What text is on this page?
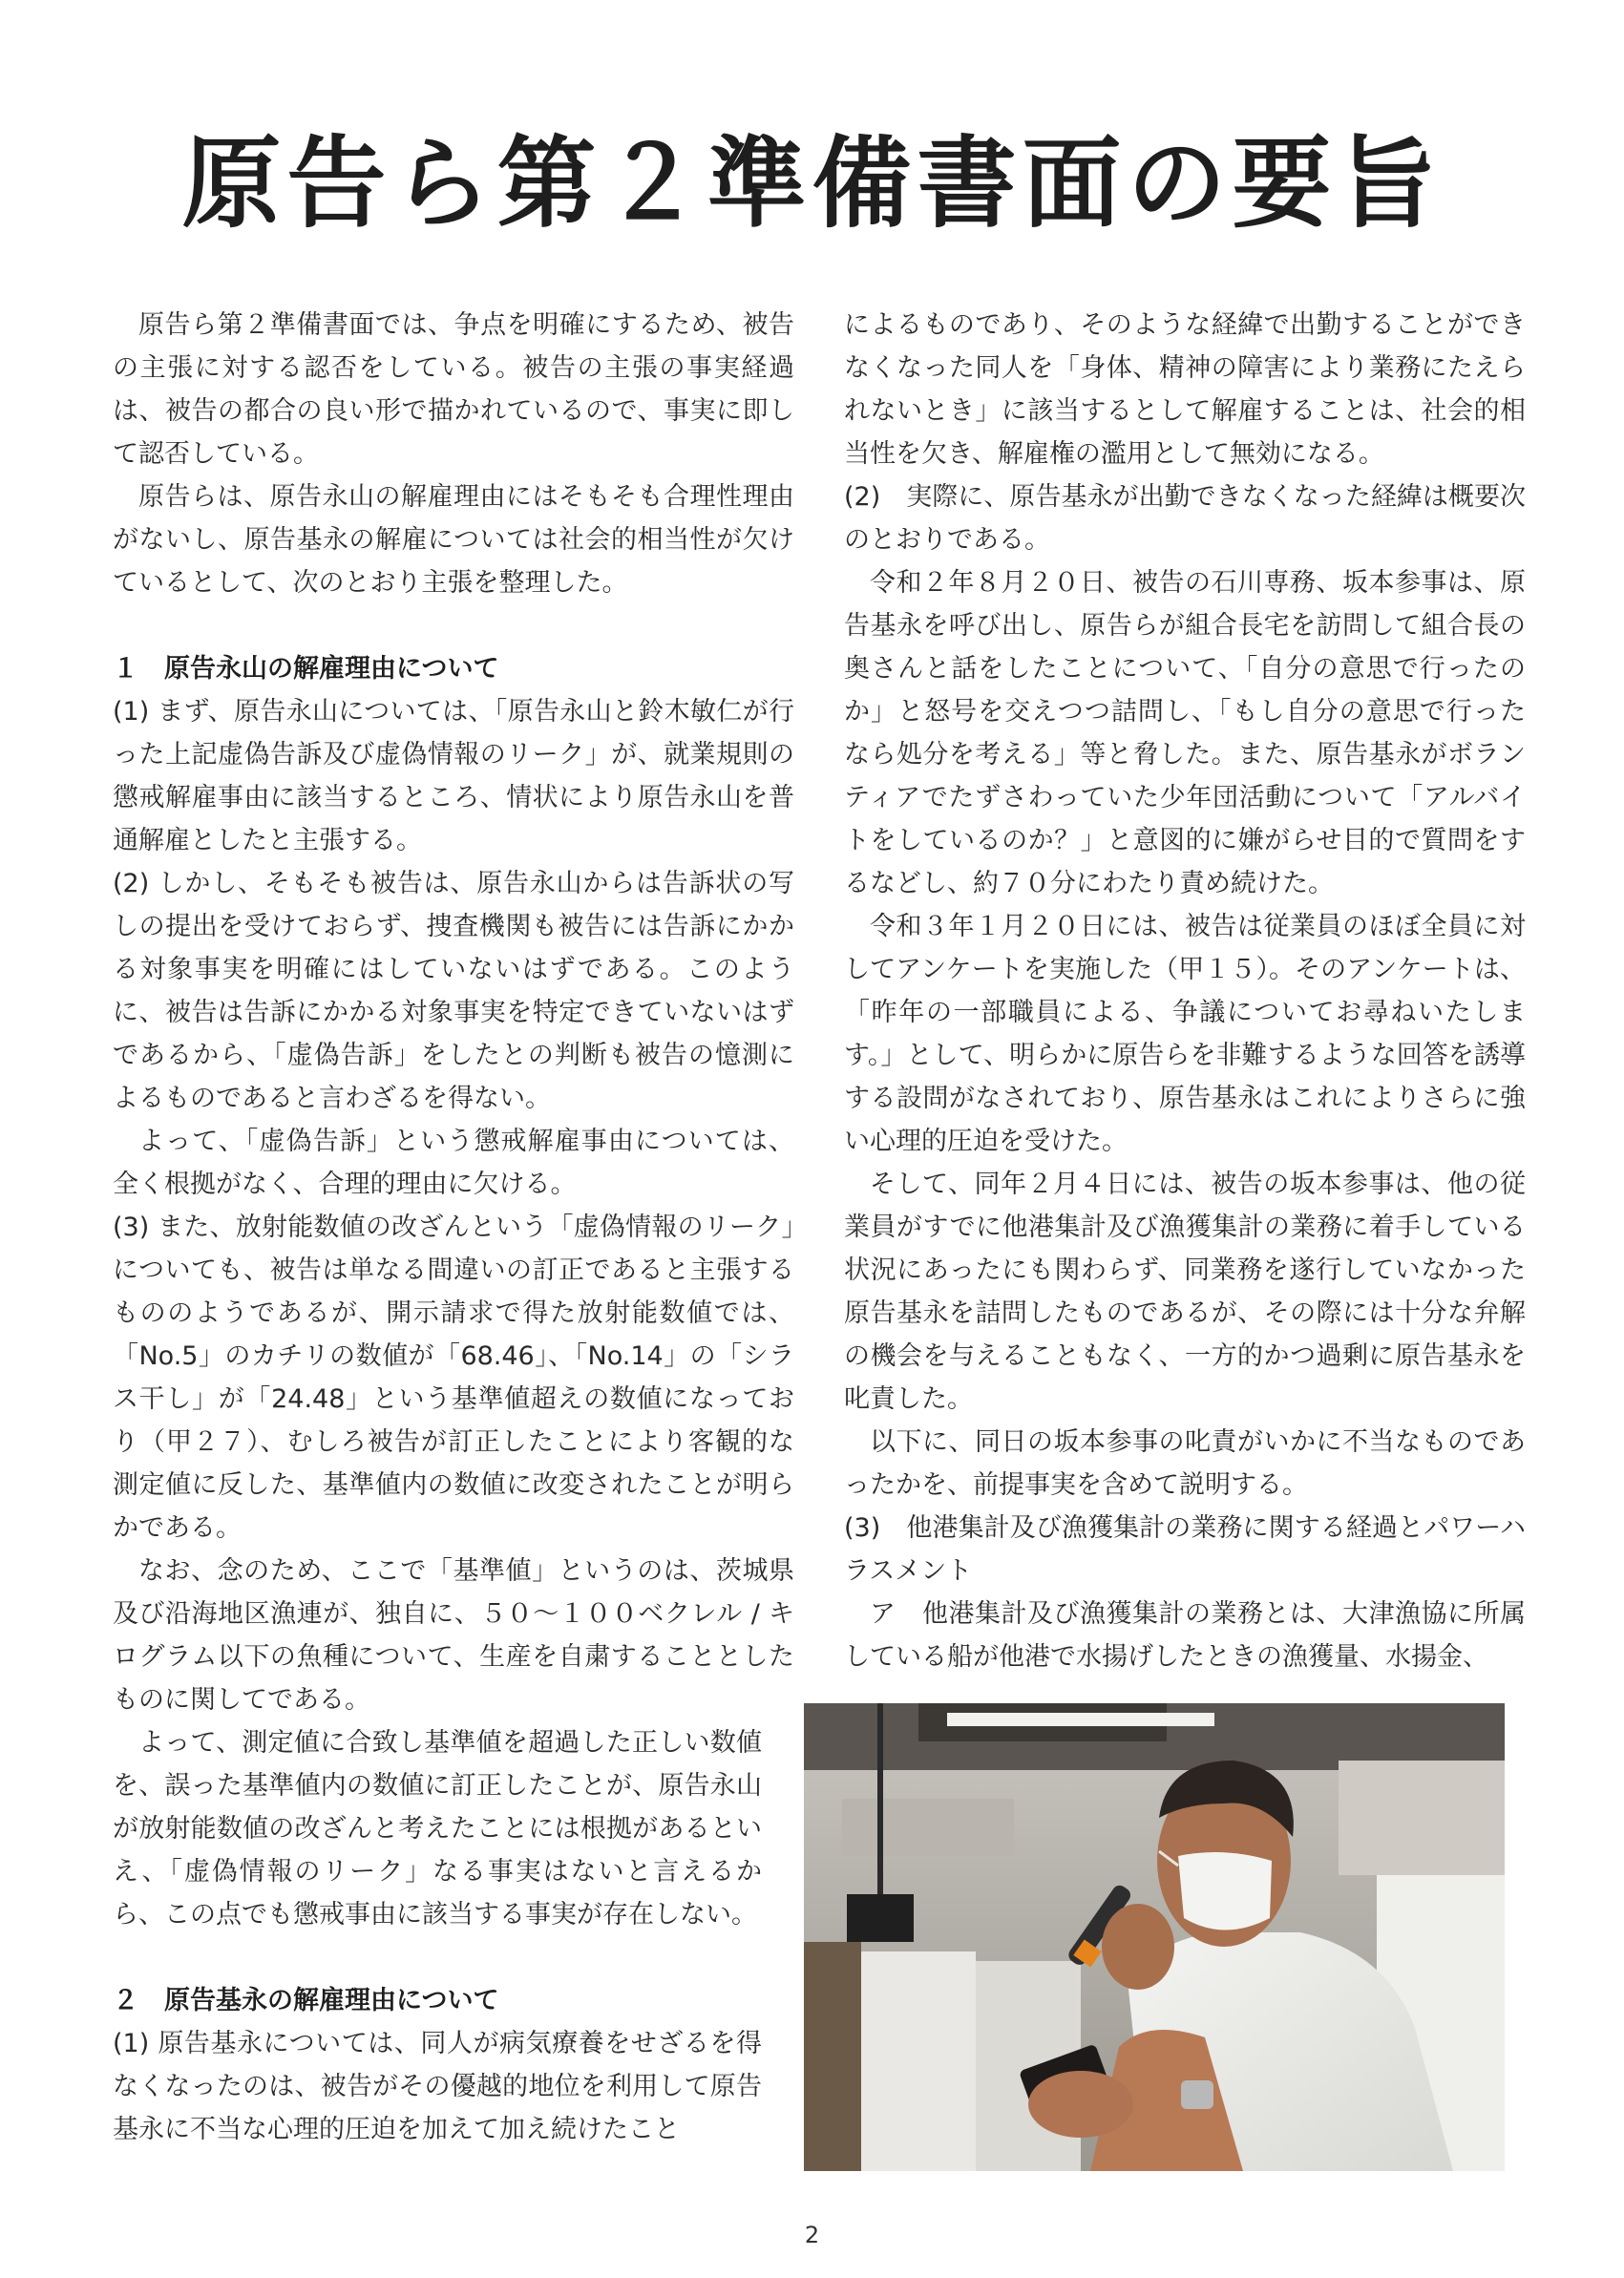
原告ら第２準備書面の要旨

原告ら第２準備書面では、争点を明確にするため、被告の主張に対する認否をしている。被告の主張の事実経過は、被告の都合の良い形で描かれているので、事実に即して認否している。

原告らは、原告永山の解雇理由にはそもそも合理性理由がないし、原告基永の解雇については社会的相当性が欠けているとして、次のとおり主張を整理した。

１　原告永山の解雇理由について

(1) まず、原告永山については、「原告永山と鈴木敏仁が行った上記虚偽告訴及び虚偽情報のリーク」が、就業規則の懲戒解雇事由に該当するところ、情状により原告永山を普通解雇としたと主張する。

(2) しかし、そもそも被告は、原告永山からは告訴状の写しの提出を受けておらず、捜査機関も被告には告訴にかかる対象事実を明確にはしていないはずである。このように、被告は告訴にかかる対象事実を特定できていないはずであるから、「虚偽告訴」をしたとの判断も被告の憶測によるものであると言わざるを得ない。

よって、「虚偽告訴」という懲戒解雇事由については、全く根拠がなく、合理的理由に欠ける。

(3) また、放射能数値の改ざんという「虚偽情報のリーク」についても、被告は単なる間違いの訂正であると主張するもののようであるが、開示請求で得た放射能数値では、「No.5」のカチリの数値が「68.46」、「No.14」の「シラス干し」が「24.48」という基準値超えの数値になっており（甲２７）、むしろ被告が訂正したことにより客観的な測定値に反した、基準値内の数値に改変されたことが明らかである。

なお、念のため、ここで「基準値」というのは、茨城県及び沿海地区漁連が、独自に、５０～１００ベクレル / キログラム以下の魚種について、生産を自粛することとしたものに関してである。

よって、測定値に合致し基準値を超過した正しい数値を、誤った基準値内の数値に訂正したことが、原告永山が放射能数値の改ざんと考えたことには根拠があるといえ、「虚偽情報のリーク」なる事実はないと言えるから、この点でも懲戒事由に該当する事実が存在しない。

２　原告基永の解雇理由について

(1) 原告基永については、同人が病気療養をせざるを得なくなったのは、被告がその優越的地位を利用して原告基永に不当な心理的圧迫を加えて加え続けたこと

によるものであり、そのような経緯で出勤することができなくなった同人を「身体、精神の障害により業務にたえられないとき」に該当するとして解雇することは、社会的相当性を欠き、解雇権の濫用として無効になる。

(2)　実際に、原告基永が出勤できなくなった経緯は概要次のとおりである。

令和２年８月２０日、被告の石川専務、坂本参事は、原告基永を呼び出し、原告らが組合長宅を訪問して組合長の奥さんと話をしたことについて、「自分の意思で行ったのか」と怒号を交えつつ詰問し、「もし自分の意思で行ったなら処分を考える」等と脅した。また、原告基永がボランティアでたずさわっていた少年団活動について「アルバイトをしているのか？」と意図的に嫌がらせ目的で質問をするなどし、約７０分にわたり責め続けた。

令和３年１月２０日には、被告は従業員のほぼ全員に対してアンケートを実施した（甲１５）。そのアンケートは、「昨年の一部職員による、争議についてお尋ねいたします。」として、明らかに原告らを非難するような回答を誘導する設問がなされており、原告基永はこれによりさらに強い心理的圧迫を受けた。

そして、同年２月４日には、被告の坂本参事は、他の従業員がすでに他港集計及び漁獲集計の業務に着手している状況にあったにも関わらず、同業務を遂行していなかった原告基永を詰問したものであるが、その際には十分な弁解の機会を与えることもなく、一方的かつ過剰に原告基永を叱責した。

以下に、同日の坂本参事の叱責がいかに不当なものであったかを、前提事実を含めて説明する。

(3)　他港集計及び漁獲集計の業務に関する経過とパワーハラスメント

ア　他港集計及び漁獲集計の業務とは、大津漁協に所属している船が他港で水揚げしたときの漁獲量、水揚金、

2
